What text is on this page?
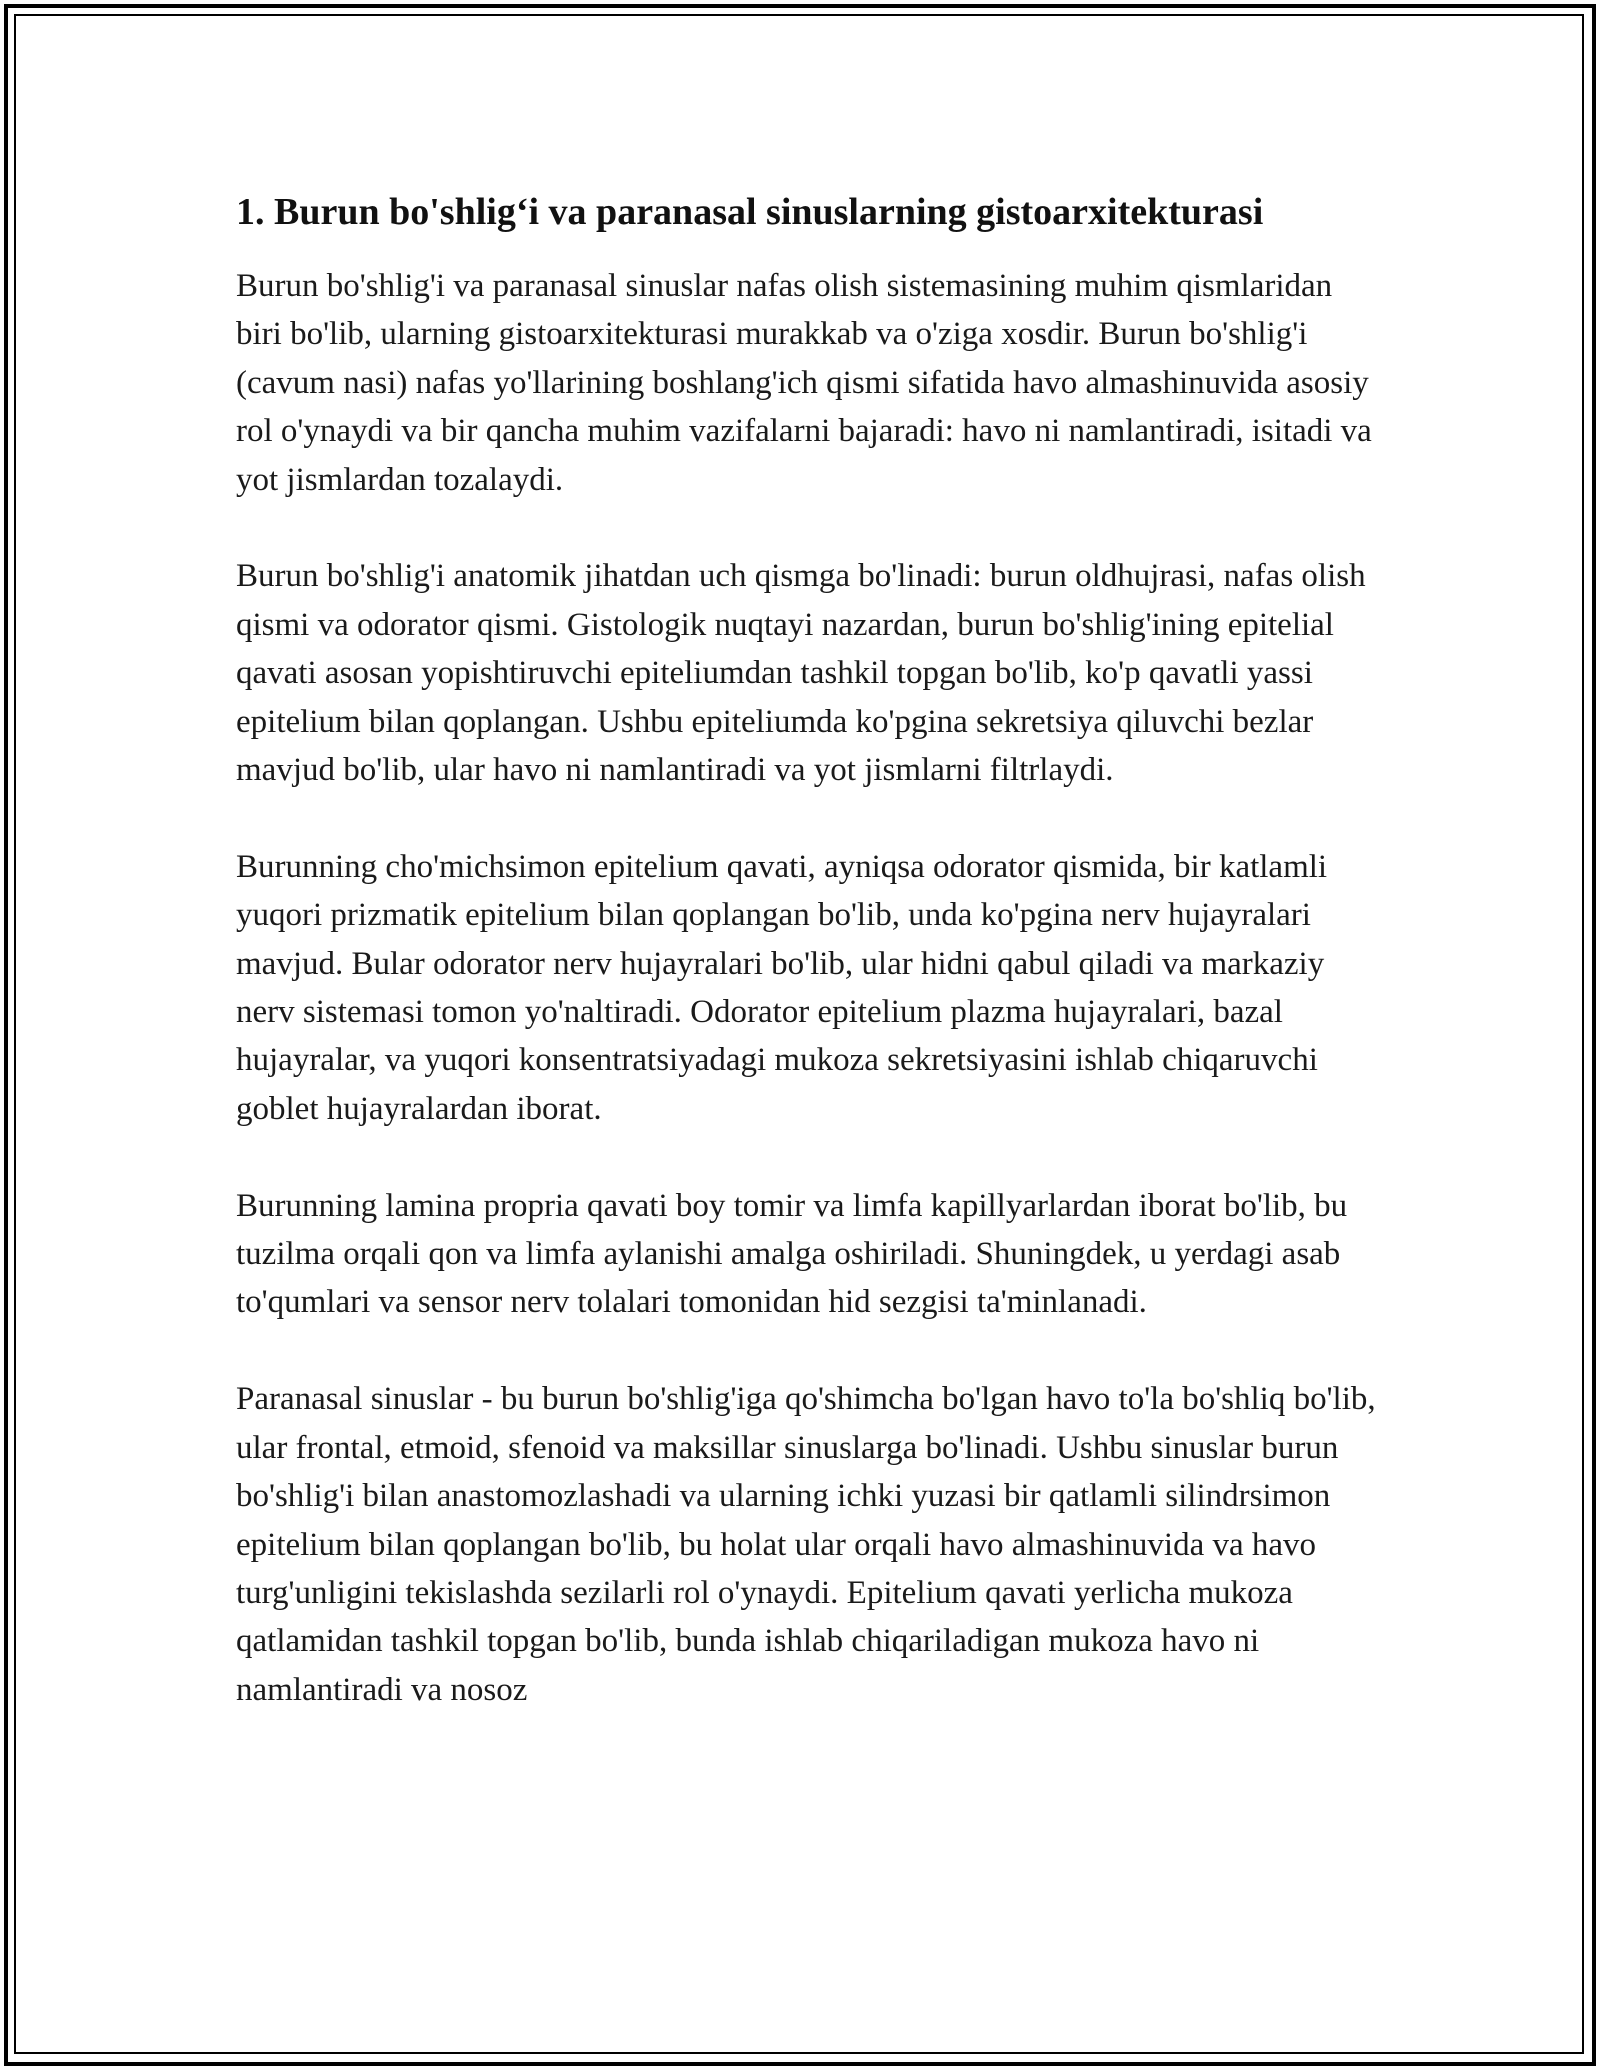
1. Burun bo'shlig‘i va paranasal sinuslarning gistoarxitekturasi

Burun bo'shlig'i va paranasal sinuslar nafas olish sistemasining muhim qismlaridan biri bo'lib, ularning gistoarxitekturasi murakkab va o'ziga xosdir. Burun bo'shlig'i (cavum nasi) nafas yo'llarining boshlang'ich qismi sifatida havo almashinuvida asosiy rol o'ynaydi va bir qancha muhim vazifalarni bajaradi: havo ni namlantiradi, isitadi va yot jismlardan tozalaydi.

Burun bo'shlig'i anatomik jihatdan uch qismga bo'linadi: burun oldhujrasi, nafas olish qismi va odorator qismi. Gistologik nuqtayi nazardan, burun bo'shlig'ining epitelial qavati asosan yopishtiruvchi epiteliumdan tashkil topgan bo'lib, ko'p qavatli yassi epitelium bilan qoplangan. Ushbu epiteliumda ko'pgina sekretsiya qiluvchi bezlar mavjud bo'lib, ular havo ni namlantiradi va yot jismlarni filtrlaydi.

Burunning cho'michsimon epitelium qavati, ayniqsa odorator qismida, bir katlamli yuqori prizmatik epitelium bilan qoplangan bo'lib, unda ko'pgina nerv hujayralari mavjud. Bular odorator nerv hujayralari bo'lib, ular hidni qabul qiladi va markaziy nerv sistemasi tomon yo'naltiradi. Odorator epitelium plazma hujayralari, bazal hujayralar, va yuqori konsentratsiyadagi mukoza sekretsiyasini ishlab chiqaruvchi goblet hujayralardan iborat.

Burunning lamina propria qavati boy tomir va limfa kapillyarlardan iborat bo'lib, bu tuzilma orqali qon va limfa aylanishi amalga oshiriladi. Shuningdek, u yerdagi asab to'qumlari va sensor nerv tolalari tomonidan hid sezgisi ta'minlanadi.

Paranasal sinuslar - bu burun bo'shlig'iga qo'shimcha bo'lgan havo to'la bo'shliq bo'lib, ular frontal, etmoid, sfenoid va maksillar sinuslarga bo'linadi. Ushbu sinuslar burun bo'shlig'i bilan anastomozlashadi va ularning ichki yuzasi bir qatlamli silindrsimon epitelium bilan qoplangan bo'lib, bu holat ular orqali havo almashinuvida va havo turg'unligini tekislashda sezilarli rol o'ynaydi. Epitelium qavati yerlicha mukoza qatlamidan tashkil topgan bo'lib, bunda ishlab chiqariladigan mukoza havo ni namlantiradi va nosoz
